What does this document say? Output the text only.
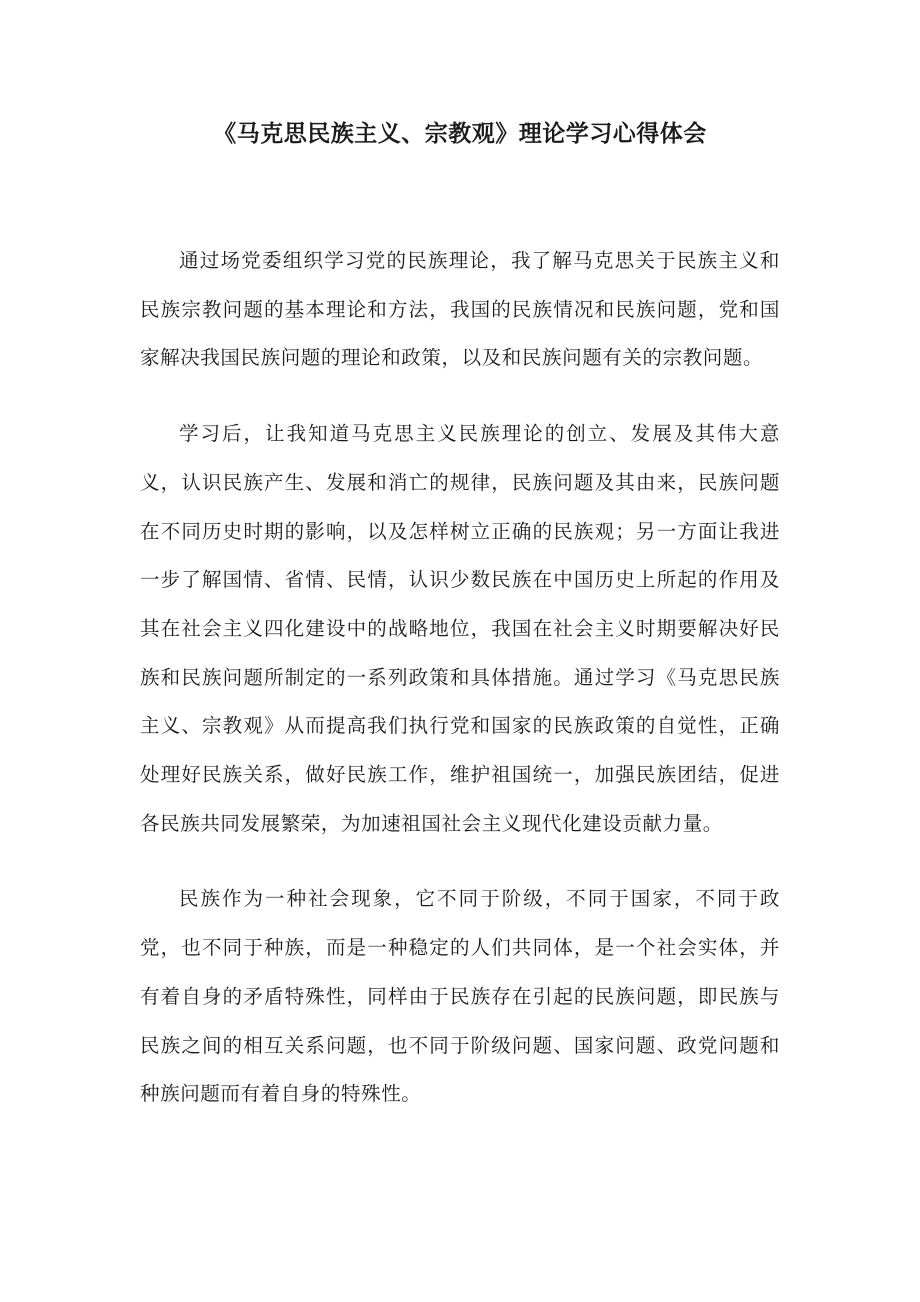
《马克思民族主义、宗教观》理论学习心得体会

通过场党委组织学习党的民族理论，我了解马克思关于民族主义和民族宗教问题的基本理论和方法，我国的民族情况和民族问题，党和国家解决我国民族问题的理论和政策，以及和民族问题有关的宗教问题。

学习后，让我知道马克思主义民族理论的创立、发展及其伟大意义，认识民族产生、发展和消亡的规律，民族问题及其由来，民族问题在不同历史时期的影响，以及怎样树立正确的民族观；另一方面让我进一步了解国情、省情、民情，认识少数民族在中国历史上所起的作用及其在社会主义四化建设中的战略地位，我国在社会主义时期要解决好民族和民族问题所制定的一系列政策和具体措施。通过学习《马克思民族主义、宗教观》从而提高我们执行党和国家的民族政策的自觉性，正确处理好民族关系，做好民族工作，维护祖国统一，加强民族团结，促进各民族共同发展繁荣，为加速祖国社会主义现代化建设贡献力量。

民族作为一种社会现象，它不同于阶级，不同于国家，不同于政党，也不同于种族，而是一种稳定的人们共同体，是一个社会实体，并有着自身的矛盾特殊性，同样由于民族存在引起的民族问题，即民族与民族之间的相互关系问题，也不同于阶级问题、国家问题、政党问题和种族问题而有着自身的特殊性。
